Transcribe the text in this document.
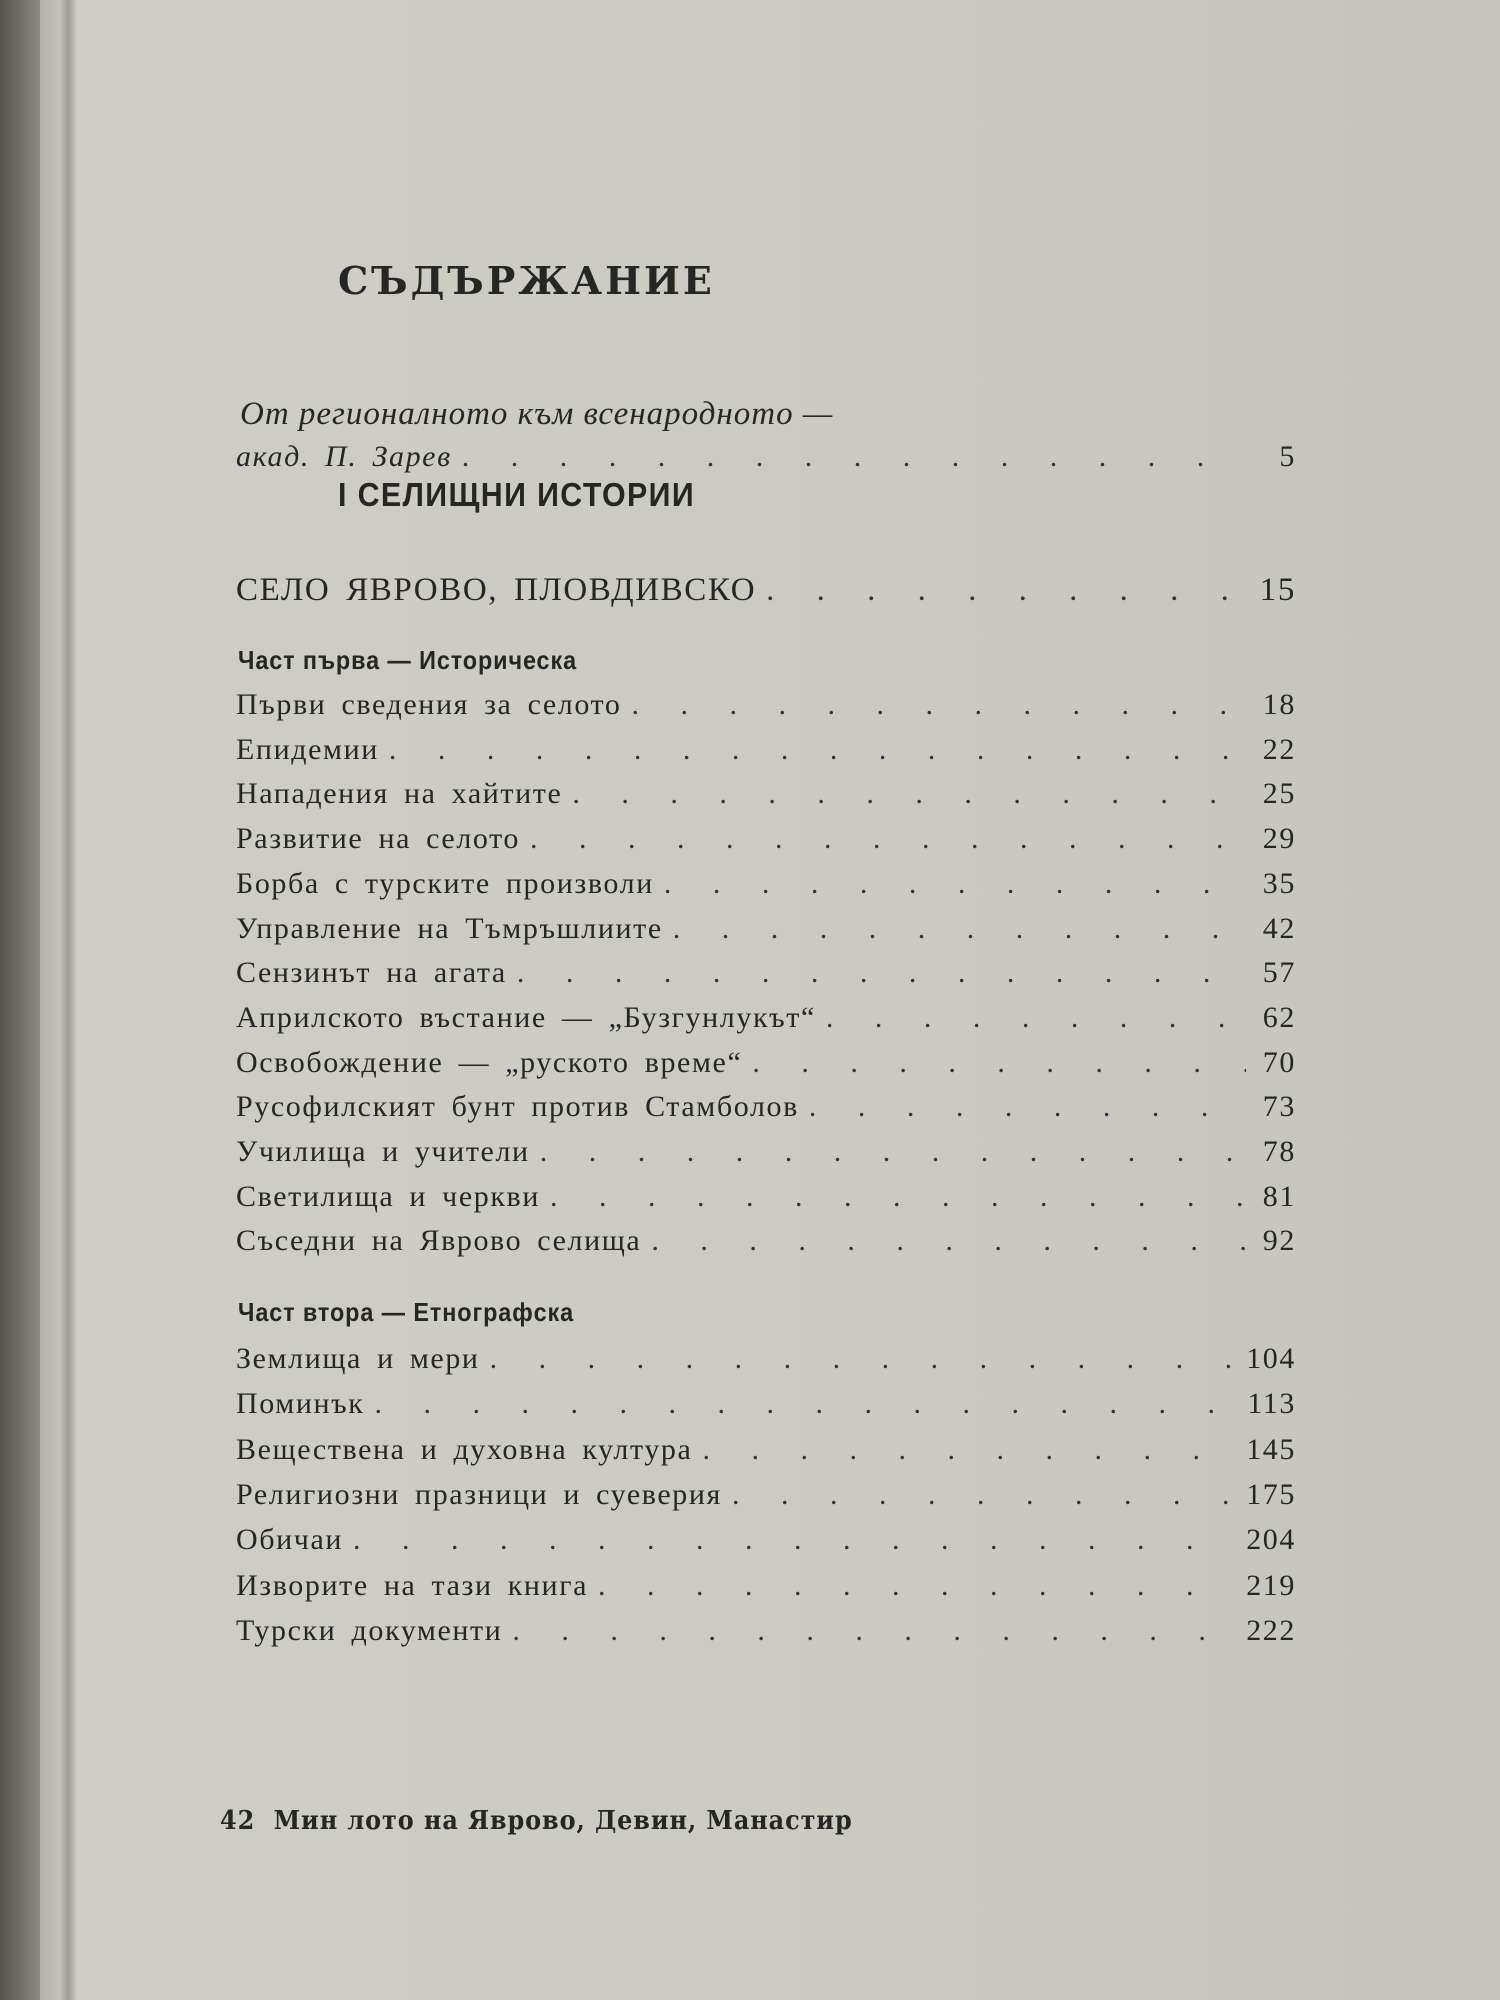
СЪДЪРЖАНИЕ
От регионалното към всенародното —
акад. П. Зарев . . .	5
I СЕЛИЩНИ ИСТОРИИ
СЕЛО ЯВРОВО, ПЛОВДИВСКО . . .	15
Част първа — Историческа
Първи сведения за селото . . .	18
Епидемии . . .	22
Нападения на хайтите . . .	25
Развитие на селото . . .	29
Борба с турските произволи . . .	35
Управление на Тъмръшлиите . . .	42
Сензинът на агата . . .	57
Априлското въстание — „Бузгунлукът“ . . .	62
Освобождение — „руското време“ . . .	70
Русофилският бунт против Стамболов . . .	73
Училища и учители . . .	78
Светилища и черкви . . .	81
Съседни на Яврово селища . . .	92
Част втора — Етнографска
Землища и мери . . .	104
Поминък . . .	113
Веществена и духовна култура . . .	145
Религиозни празници и суеверия . . .	175
Обичаи . . .	204
Изворите на тази книга . . .	219
Турски документи . . .	222
42 Мин лото на Яврово, Девин, Манастир
